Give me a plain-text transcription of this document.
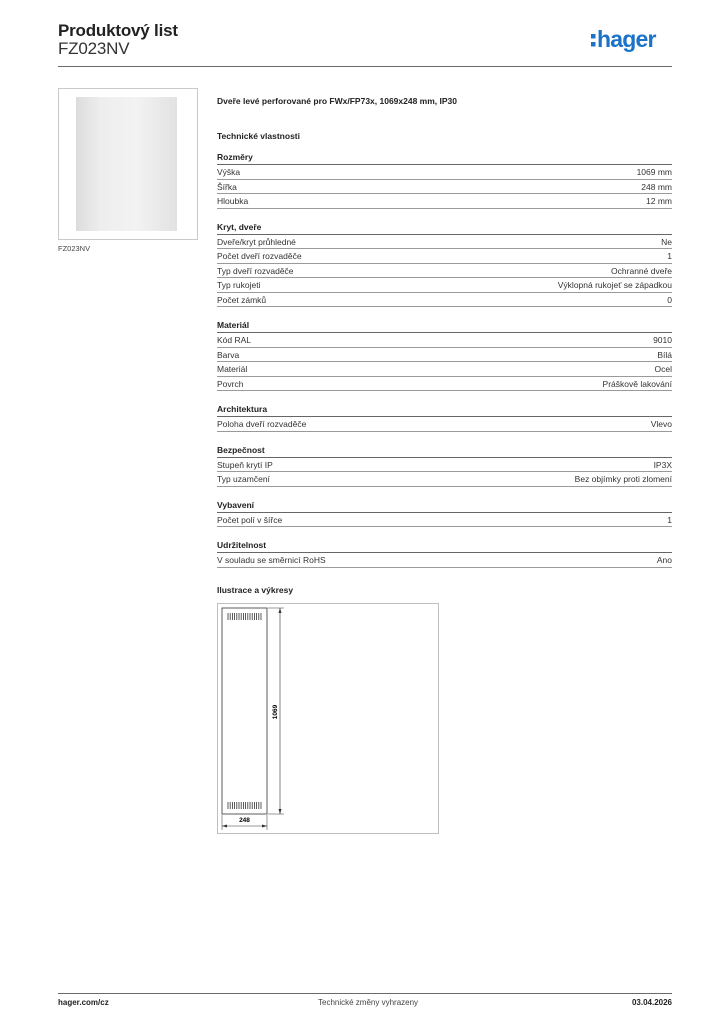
Produktový list
FZ023NV	hager
FZ023NV
Dveře levé perforované pro FWx/FP73x, 1069x248 mm, IP30
Technické vlastnosti
Rozměry
Výška	1069 mm
Šířka	248 mm
Hloubka	12 mm
Kryt, dveře
Dveře/kryt průhledné	Ne
Počet dveří rozvaděče	1
Typ dveří rozvaděče	Ochranné dveře
Typ rukojeti	Výklopná rukojeť se západkou
Počet zámků	0
Materiál
Kód RAL	9010
Barva	Bílá
Materiál	Ocel
Povrch	Práškově lakování
Architektura
Poloha dveří rozvaděče	Vlevo
Bezpečnost
Stupeň krytí IP	IP3X
Typ uzamčení	Bez objímky proti zlomení
Vybavení
Počet polí v šířce	1
Udržitelnost
V souladu se směrnicí RoHS	Ano
Ilustrace a výkresy
1069
248
hager.com/cz	Technické změny vyhrazeny	03.04.2026
